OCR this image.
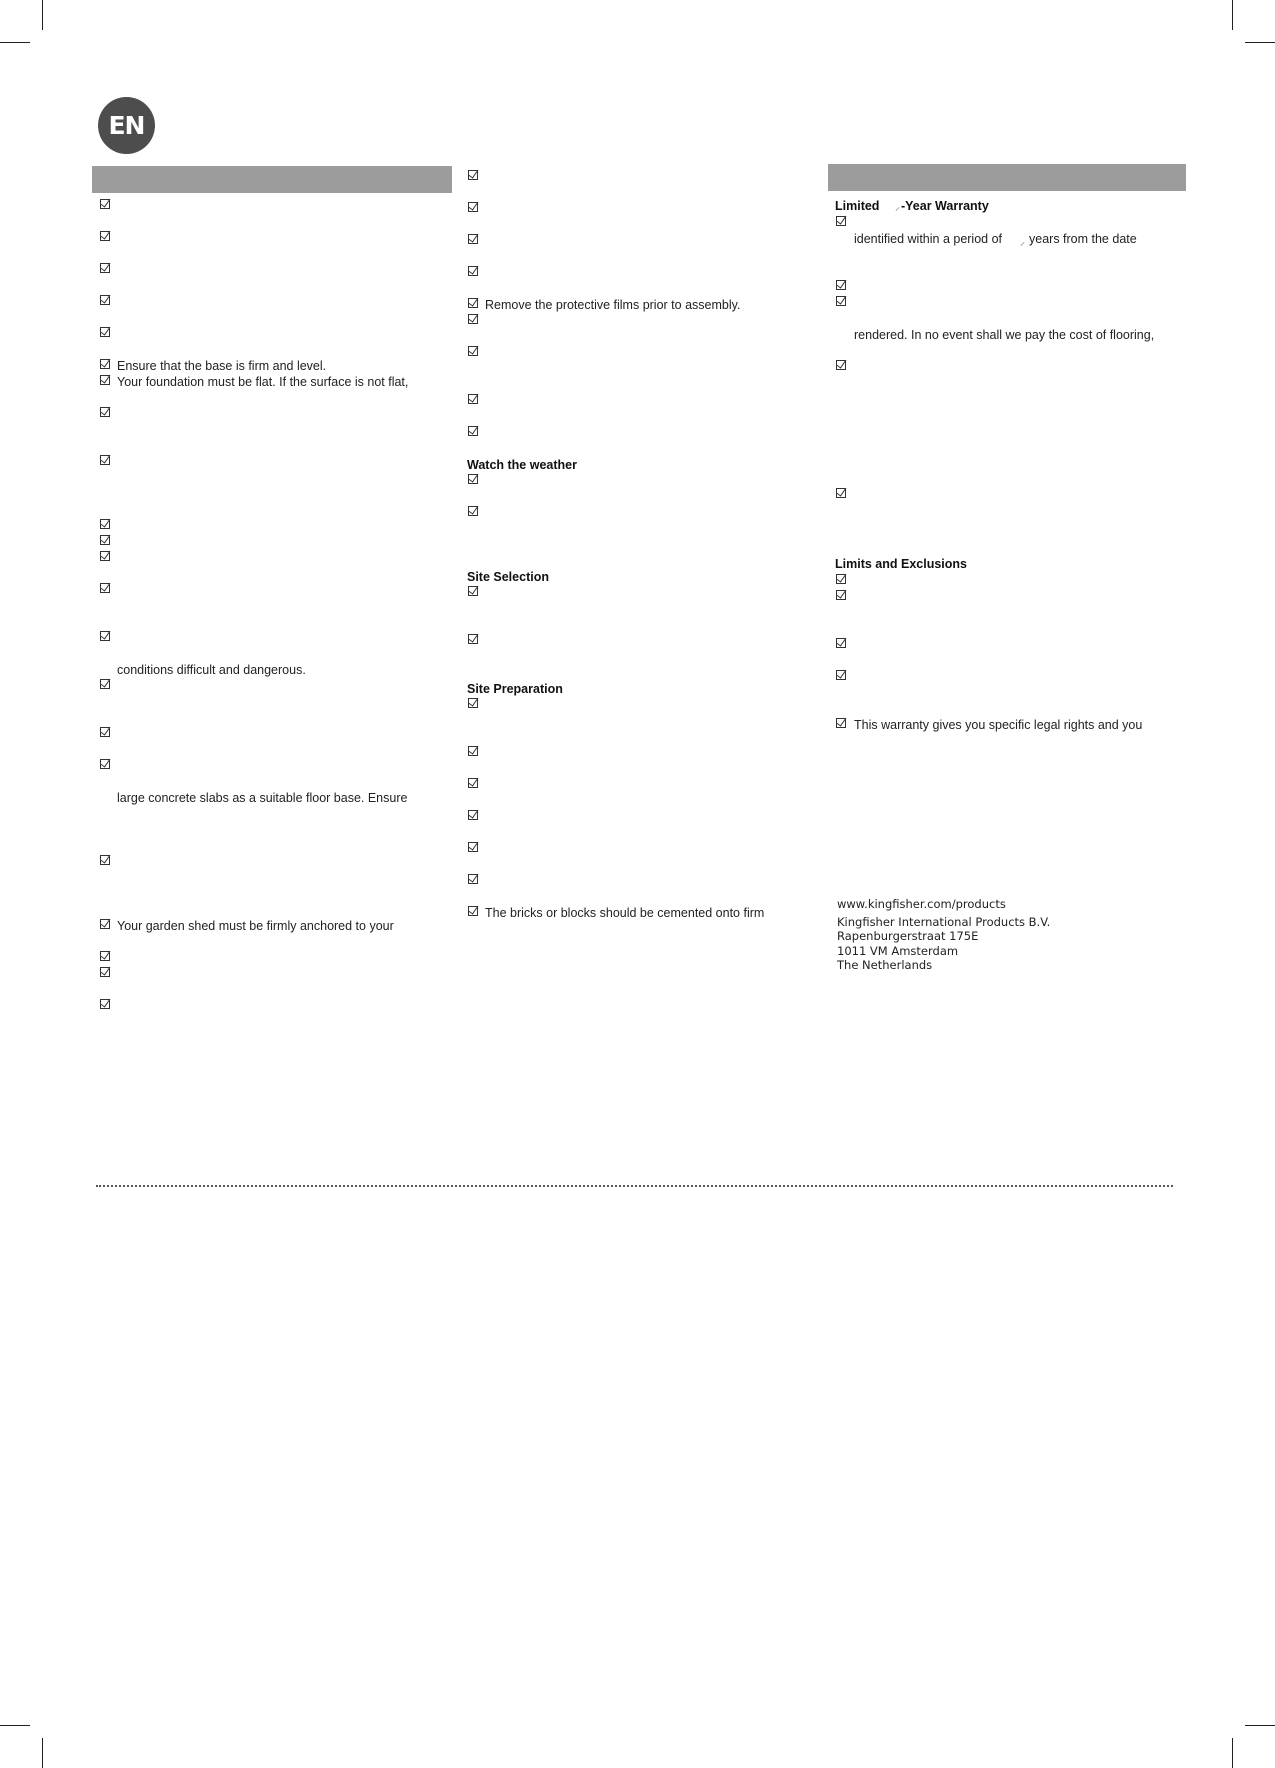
EN
Ensure that the base is firm and level.
Your foundation must be flat. If the surface is not flat,
conditions difficult and dangerous.
large concrete slabs as a suitable floor base. Ensure
Your garden shed must be firmly anchored to your
Remove the protective films prior to assembly.
Watch the weather
Site Selection
Site Preparation
The bricks or blocks should be cemented onto firm
Limited ⸝ -Year Warranty
identified within a period of ⸝ years from the date
rendered. In no event shall we pay the cost of flooring,
Limits and Exclusions
This warranty gives you specific legal rights and you
www.kingfisher.com/products
Kingfisher International Products B.V.
Rapenburgerstraat 175E
1011 VM Amsterdam
The Netherlands
